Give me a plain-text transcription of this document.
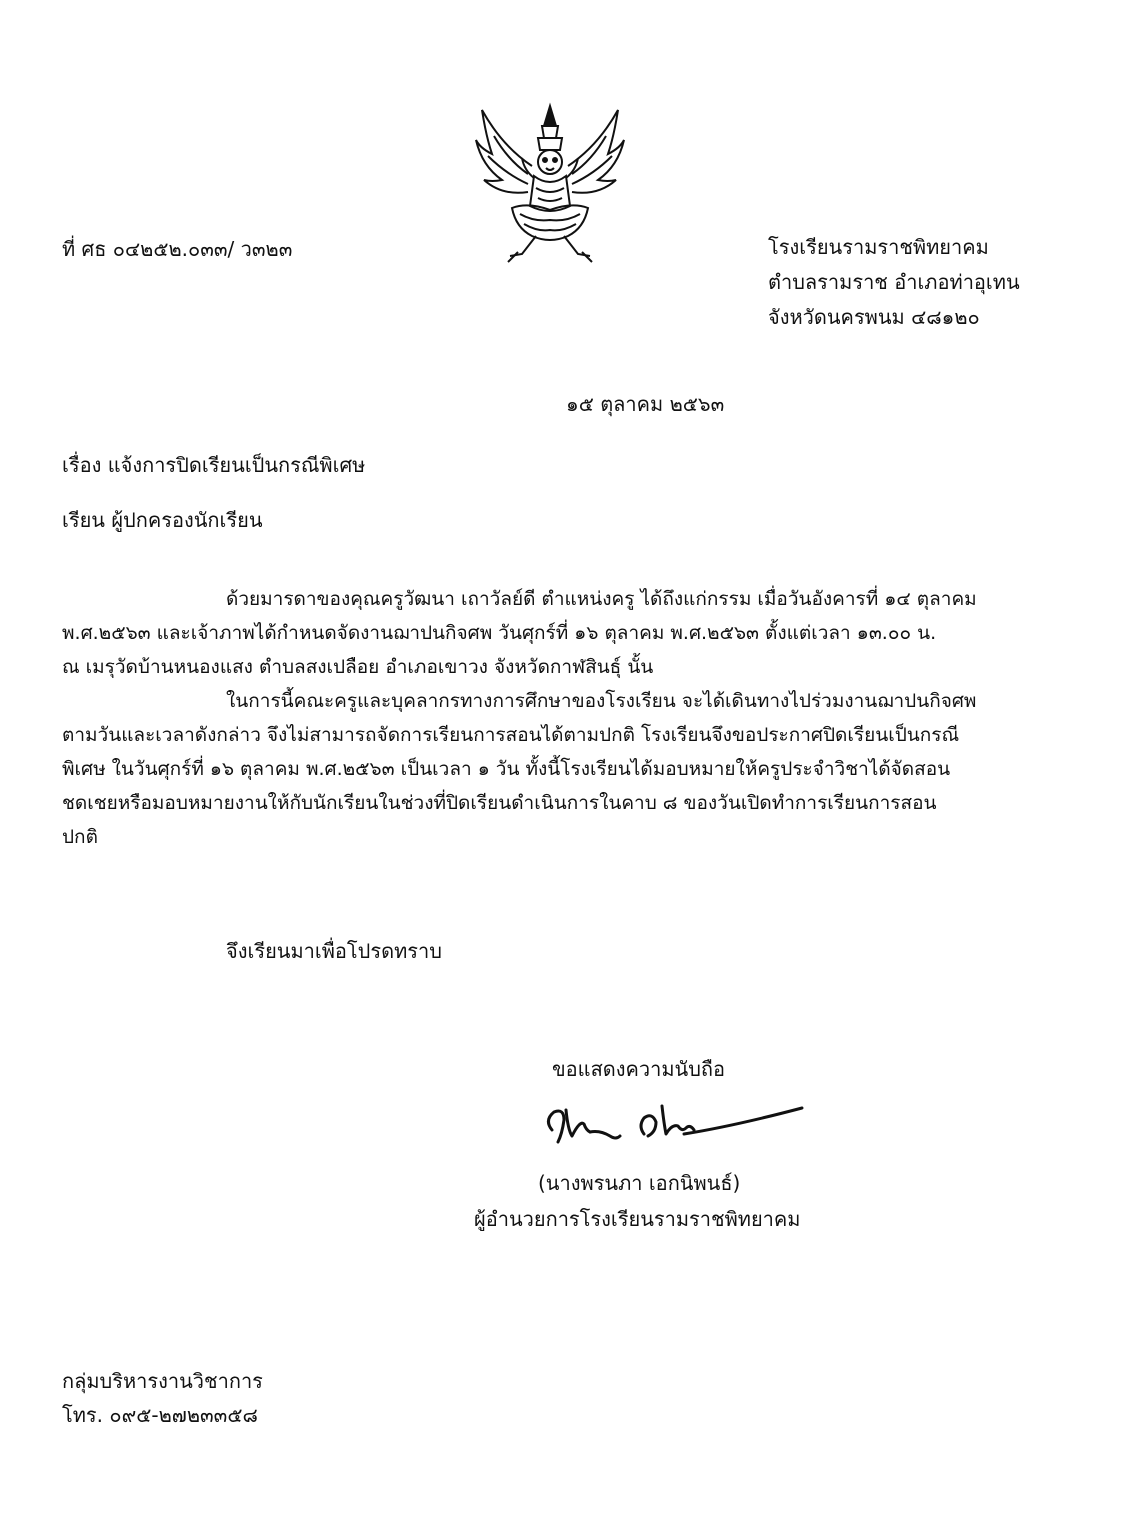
ที่ ศธ ๐๔๒๕๒.๐๓๓/ ว๓๒๓	โรงเรียนรามราชพิทยาคม
ตำบลรามราช อำเภอท่าอุเทน
จังหวัดนครพนม ๔๘๑๒๐
๑๕ ตุลาคม ๒๕๖๓
เรื่อง แจ้งการปิดเรียนเป็นกรณีพิเศษ
เรียน ผู้ปกครองนักเรียน

ด้วยมารดาของคุณครูวัฒนา เถาวัลย์ดี ตำแหน่งครู ได้ถึงแก่กรรม เมื่อวันอังคารที่ ๑๔ ตุลาคม

พ.ศ.๒๕๖๓ และเจ้าภาพได้กำหนดจัดงานฌาปนกิจศพ วันศุกร์ที่ ๑๖ ตุลาคม พ.ศ.๒๕๖๓ ตั้งแต่เวลา ๑๓.๐๐ น.

ณ เมรุวัดบ้านหนองแสง ตำบลสงเปลือย อำเภอเขาวง จังหวัดกาฬสินธุ์ นั้น

ในการนี้คณะครูและบุคลากรทางการศึกษาของโรงเรียน จะได้เดินทางไปร่วมงานฌาปนกิจศพ

ตามวันและเวลาดังกล่าว จึงไม่สามารถจัดการเรียนการสอนได้ตามปกติ โรงเรียนจึงขอประกาศปิดเรียนเป็นกรณี

พิเศษ ในวันศุกร์ที่ ๑๖ ตุลาคม พ.ศ.๒๕๖๓ เป็นเวลา ๑ วัน ทั้งนี้โรงเรียนได้มอบหมายให้ครูประจำวิชาได้จัดสอน

ชดเชยหรือมอบหมายงานให้กับนักเรียนในช่วงที่ปิดเรียนดำเนินการในคาบ ๘ ของวันเปิดทำการเรียนการสอน

ปกติ

จึงเรียนมาเพื่อโปรดทราบ
ขอแสดงความนับถือ
(นางพรนภา เอกนิพนธ์)
ผู้อำนวยการโรงเรียนรามราชพิทยาคม
กลุ่มบริหารงานวิชาการ
โทร. ๐๙๕-๒๗๒๓๓๕๘
